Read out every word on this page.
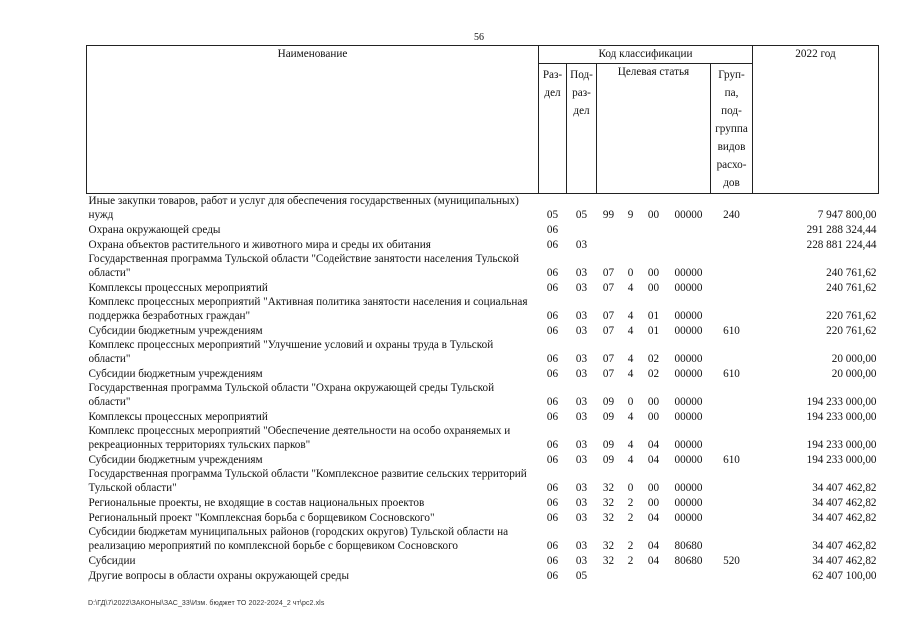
56
Наименование	Код классификации							2022 год
	Раз-дел	Под-раз-дел	Целевая статья				Груп-па, под-группа видов расхо-дов	
Иные закупки товаров, работ и услуг для обеспечения государственных (муниципальных) нужд	05	05	99	9	00	00000	240	7 947 800,00
Охрана окружающей среды	06							291 288 324,44
Охрана объектов растительного и животного мира и среды их обитания	06	03						228 881 224,44
Государственная программа Тульской области "Содействие занятости населения Тульской области"	06	03	07	0	00	00000		240 761,62
Комплексы процессных мероприятий	06	03	07	4	00	00000		240 761,62
Комплекс процессных мероприятий "Активная политика занятости населения и социальная поддержка безработных граждан"	06	03	07	4	01	00000		220 761,62
Субсидии бюджетным учреждениям	06	03	07	4	01	00000	610	220 761,62
Комплекс процессных мероприятий "Улучшение условий и охраны труда в Тульской области"	06	03	07	4	02	00000		20 000,00
Субсидии бюджетным учреждениям	06	03	07	4	02	00000	610	20 000,00
Государственная программа Тульской области "Охрана окружающей среды Тульской области"	06	03	09	0	00	00000		194 233 000,00
Комплексы процессных мероприятий	06	03	09	4	00	00000		194 233 000,00
Комплекс процессных мероприятий "Обеспечение деятельности на особо охраняемых и рекреационных территориях тульских парков"	06	03	09	4	04	00000		194 233 000,00
Субсидии бюджетным учреждениям	06	03	09	4	04	00000	610	194 233 000,00
Государственная программа Тульской области "Комплексное развитие сельских территорий Тульской области"	06	03	32	0	00	00000		34 407 462,82
Региональные проекты, не входящие в состав национальных проектов	06	03	32	2	00	00000		34 407 462,82
Региональный проект "Комплексная борьба с борщевиком Сосновского"	06	03	32	2	04	00000		34 407 462,82
Субсидии бюджетам муниципальных районов (городских округов) Тульской области на реализацию мероприятий по комплексной борьбе с борщевиком Сосновского	06	03	32	2	04	80680		34 407 462,82
Субсидии	06	03	32	2	04	80680	520	34 407 462,82
Другие вопросы в области охраны окружающей среды	06	05						62 407 100,00
D:\ГД\7\2022\ЗАКОНЫ\ЗАС_33\Изм. бюджет ТО 2022-2024_2 чт\рс2.xls
